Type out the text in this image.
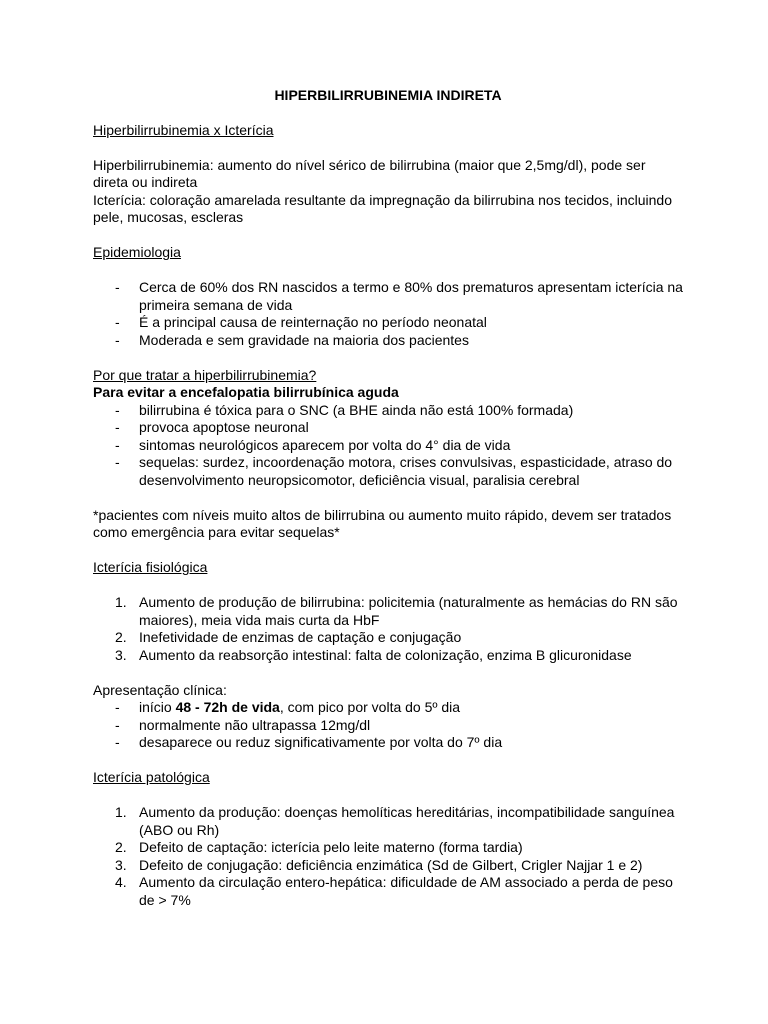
HIPERBILIRRUBINEMIA INDIRETA
Hiperbilirrubinemia x Icterícia

Hiperbilirrubinemia: aumento do nível sérico de bilirrubina (maior que 2,5mg/dl), pode ser direta ou indireta

Icterícia: coloração amarelada resultante da impregnação da bilirrubina nos tecidos, incluindo pele, mucosas, escleras

Epidemiologia
- Cerca de 60% dos RN nascidos a termo e 80% dos prematuros apresentam icterícia na primeira semana de vida
- É a principal causa de reinternação no período neonatal
- Moderada e sem gravidade na maioria dos pacientes
Por que tratar a hiperbilirrubinemia?
Para evitar a encefalopatia bilirrubínica aguda
- bilirrubina é tóxica para o SNC (a BHE ainda não está 100% formada)
- provoca apoptose neuronal
- sintomas neurológicos aparecem por volta do 4° dia de vida
- sequelas: surdez, incoordenação motora, crises convulsivas, espasticidade, atraso do desenvolvimento neuropsicomotor, deficiência visual, paralisia cerebral

*pacientes com níveis muito altos de bilirrubina ou aumento muito rápido, devem ser tratados como emergência para evitar sequelas*

Icterícia fisiológica
1. Aumento de produção de bilirrubina: policitemia (naturalmente as hemácias do RN são maiores), meia vida mais curta da HbF
2. Inefetividade de enzimas de captação e conjugação
3. Aumento da reabsorção intestinal: falta de colonização, enzima B glicuronidase
Apresentação clínica:
- início 48 - 72h de vida, com pico por volta do 5º dia
- normalmente não ultrapassa 12mg/dl
- desaparece ou reduz significativamente por volta do 7º dia
Icterícia patológica
1. Aumento da produção: doenças hemolíticas hereditárias, incompatibilidade sanguínea (ABO ou Rh)
2. Defeito de captação: icterícia pelo leite materno (forma tardia)
3. Defeito de conjugação: deficiência enzimática (Sd de Gilbert, Crigler Najjar 1 e 2)
4. Aumento da circulação entero-hepática: dificuldade de AM associado a perda de peso de > 7%
